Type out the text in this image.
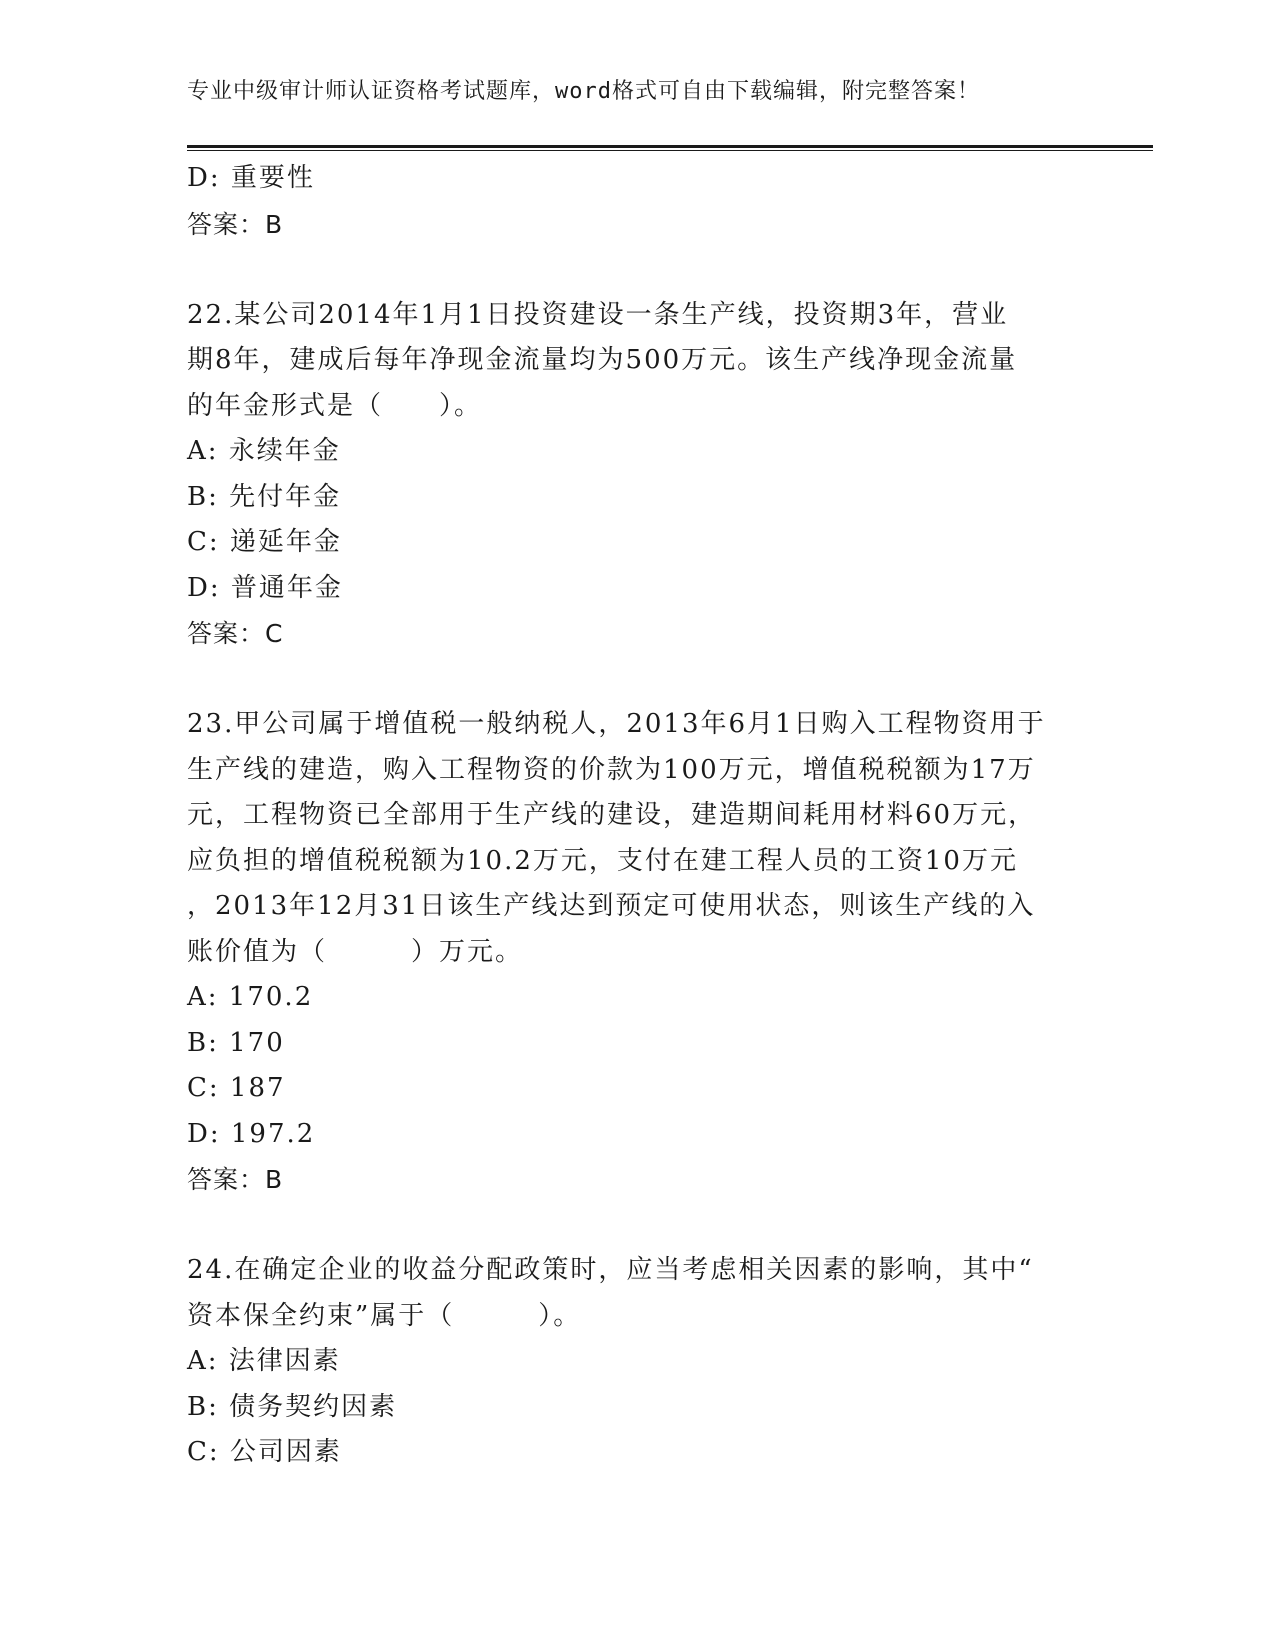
专业中级审计师认证资格考试题库，word格式可自由下载编辑，附完整答案！
D: 重要性
答案：B
22.某公司2014年1月1日投资建设一条生产线，投资期3年，营业
期8年，建成后每年净现金流量均为500万元。该生产线净现金流量
的年金形式是（　　）。
A: 永续年金
B: 先付年金
C: 递延年金
D: 普通年金
答案：C
23.甲公司属于增值税一般纳税人，2013年6月1日购入工程物资用于
生产线的建造，购入工程物资的价款为100万元，增值税税额为17万
元，工程物资已全部用于生产线的建设，建造期间耗用材料60万元，
应负担的增值税税额为10.2万元，支付在建工程人员的工资10万元
，2013年12月31日该生产线达到预定可使用状态，则该生产线的入
账价值为（　　　）万元。
A: 170.2
B: 170
C: 187
D: 197.2
答案：B
24.在确定企业的收益分配政策时，应当考虑相关因素的影响，其中“
资本保全约束”属于（　　　）。
A: 法律因素
B: 债务契约因素
C: 公司因素
